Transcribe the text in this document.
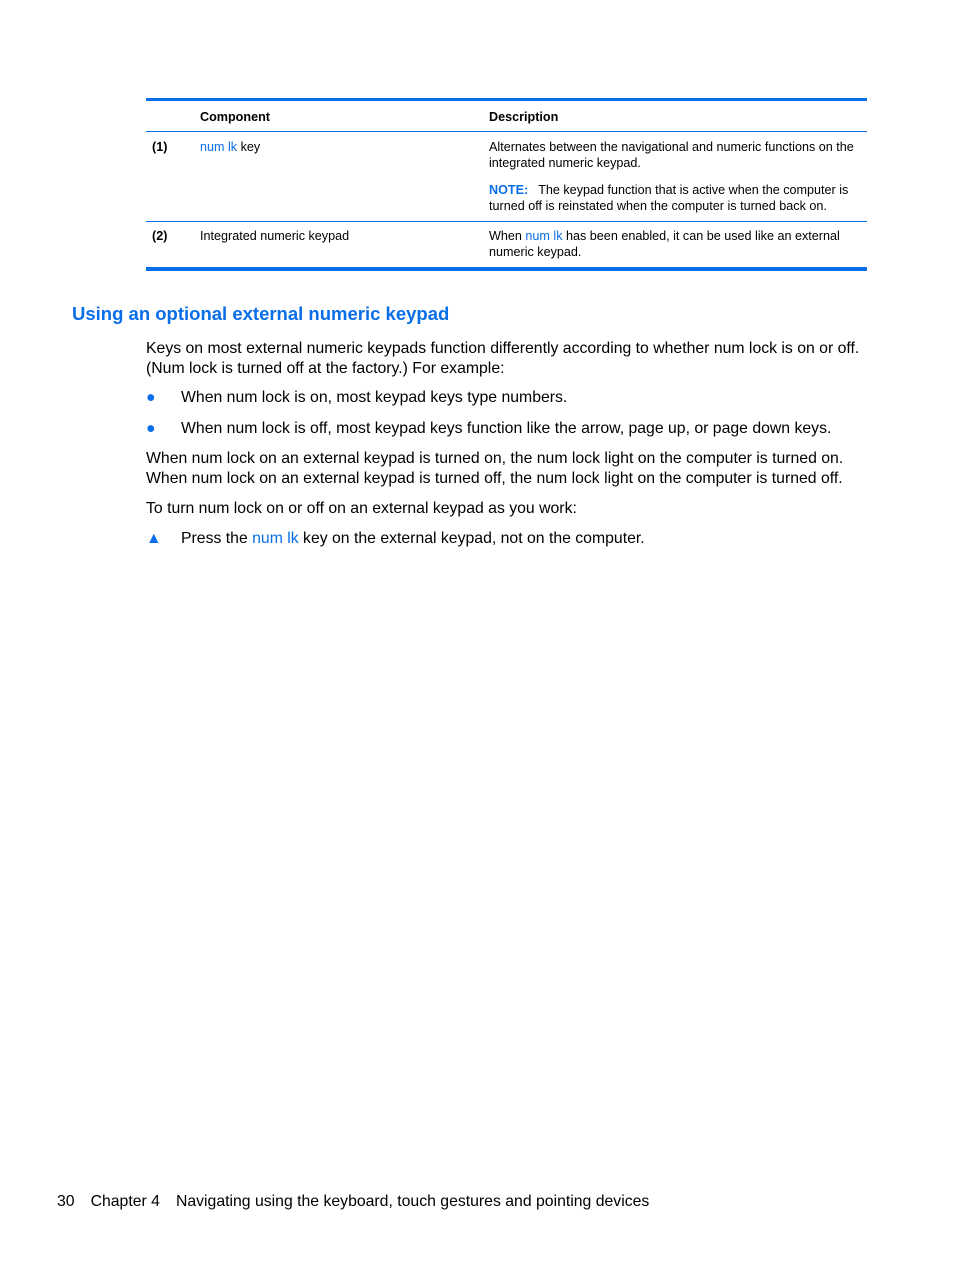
Component	Description
(1)	num lk key	Alternates between the navigational and numeric functions on the integrated numeric keypad.
NOTE: The keypad function that is active when the computer is turned off is reinstated when the computer is turned back on.
(2)	Integrated numeric keypad	When num lk has been enabled, it can be used like an external numeric keypad.
Using an optional external numeric keypad

Keys on most external numeric keypads function differently according to whether num lock is on or off. (Num lock is turned off at the factory.) For example:

●	When num lock is on, most keypad keys type numbers.
●	When num lock is off, most keypad keys function like the arrow, page up, or page down keys.

When num lock on an external keypad is turned on, the num lock light on the computer is turned on. When num lock on an external keypad is turned off, the num lock light on the computer is turned off.

To turn num lock on or off on an external keypad as you work:

▲	Press the num lk key on the external keypad, not on the computer.
30 Chapter 4 Navigating using the keyboard, touch gestures and pointing devices
